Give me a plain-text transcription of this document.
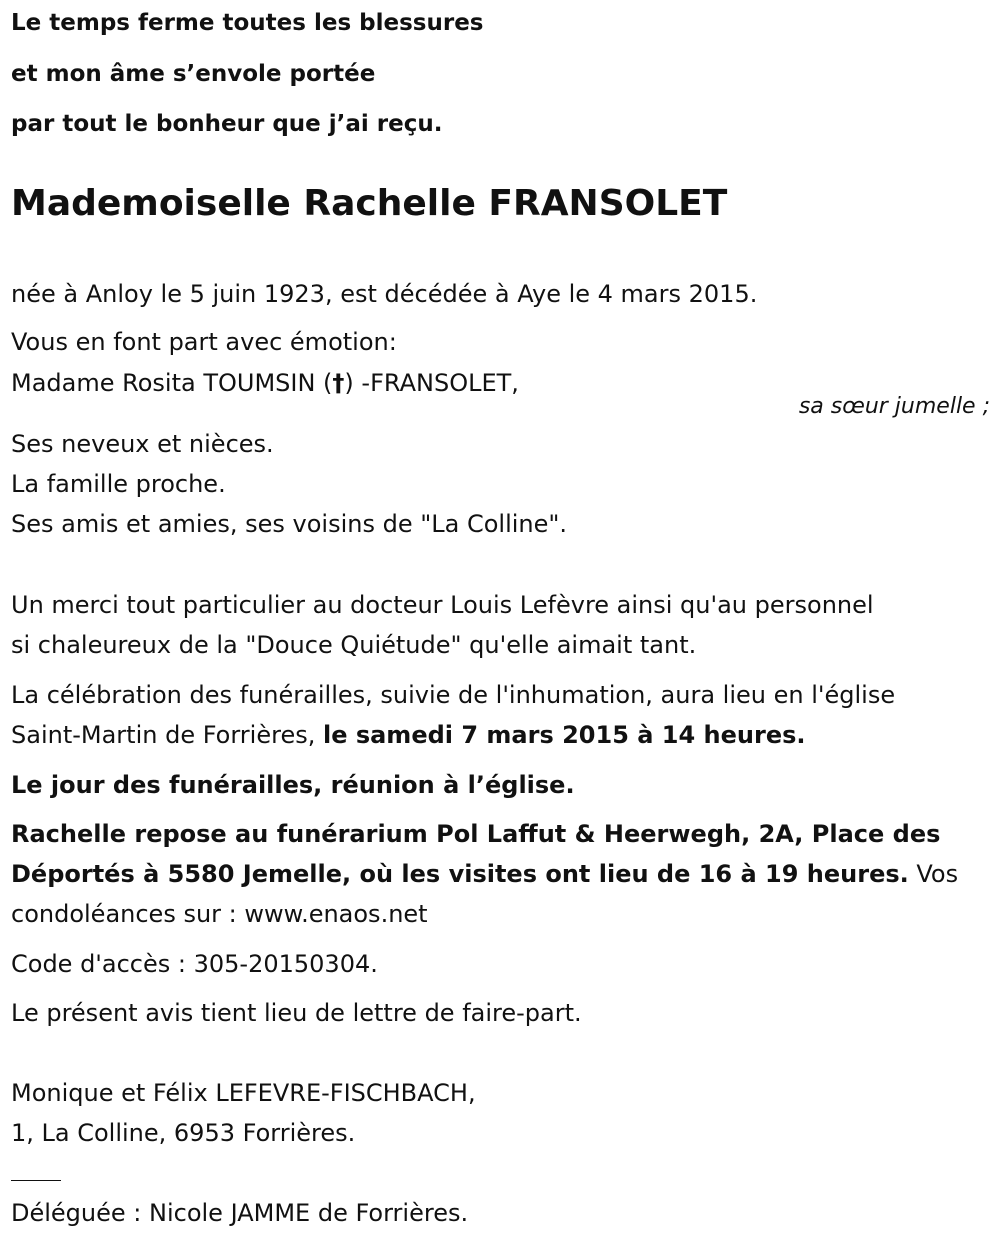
Le temps ferme toutes les blessures
et mon âme s’envole portée
par tout le bonheur que j’ai reçu.
Mademoiselle Rachelle FRANSOLET
née à Anloy le 5 juin 1923, est décédée à Aye le 4 mars 2015.
Vous en font part avec émotion:
Madame Rosita TOUMSIN (†) -FRANSOLET,
sa sœur jumelle ;
Ses neveux et nièces.
La famille proche.
Ses amis et amies, ses voisins de "La Colline".
Un merci tout particulier au docteur Louis Lefèvre ainsi qu'au personnel
si chaleureux de la "Douce Quiétude" qu'elle aimait tant.
La célébration des funérailles, suivie de l'inhumation, aura lieu en l'église
Saint-Martin de Forrières, le samedi 7 mars 2015 à 14 heures.
Le jour des funérailles, réunion à l’église.
Rachelle repose au funérarium Pol Laffut & Heerwegh, 2A, Place des
Déportés à 5580 Jemelle, où les visites ont lieu de 16 à 19 heures. Vos
condoléances sur : www.enaos.net
Code d'accès : 305-20150304.
Le présent avis tient lieu de lettre de faire-part.
Monique et Félix LEFEVRE-FISCHBACH,
1, La Colline, 6953 Forrières.
Déléguée : Nicole JAMME de Forrières.
